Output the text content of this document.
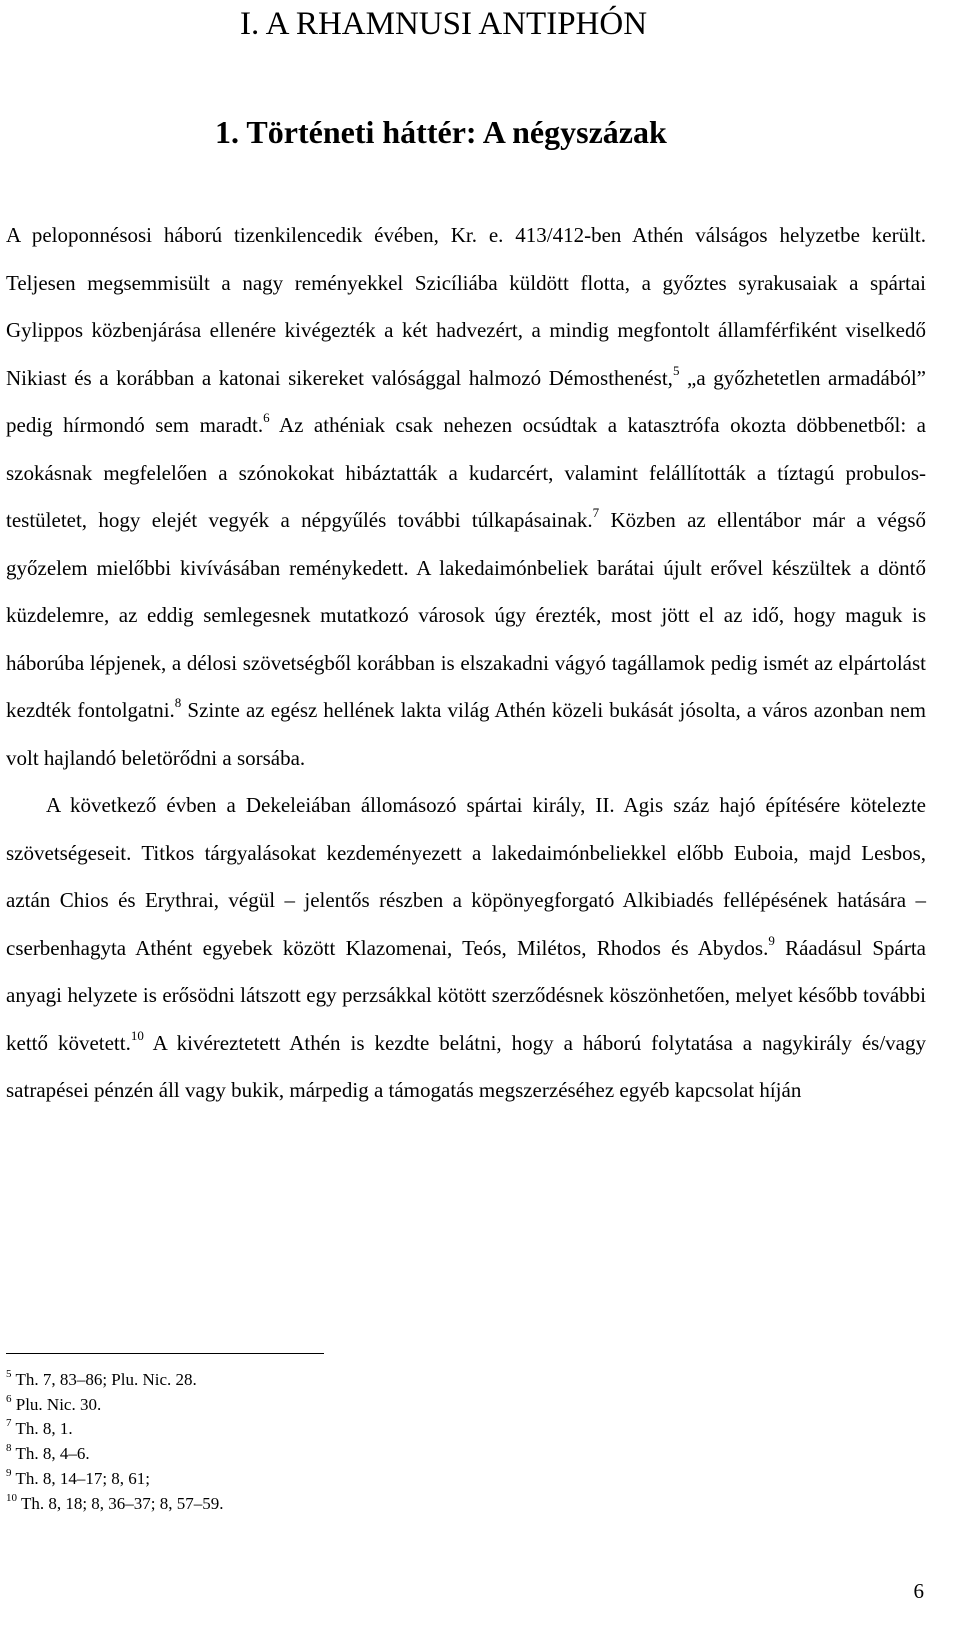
I. A RHAMNUSI ANTIPHÓN
1. Történeti háttér: A négyszázak

A peloponnésosi háború tizenkilencedik évében, Kr. e. 413/412-ben Athén válságos helyzetbe került. Teljesen megsemmisült a nagy reményekkel Szicíliába küldött flotta, a győztes syrakusaiak a spártai Gylippos közbenjárása ellenére kivégezték a két hadvezért, a mindig megfontolt államférfiként viselkedő Nikiast és a korábban a katonai sikereket valósággal halmozó Démosthenést,$^5$ „a győzhetetlen armadából” pedig hírmondó sem maradt.$^6$ Az athéniak csak nehezen ocsúdtak a katasztrófa okozta döbbenetből: a szokásnak megfelelően a szónokokat hibáztatták a kudarcért, valamint felállították a tíztagú probulos-testületet, hogy elejét vegyék a népgyűlés további túlkapásainak.$^7$ Közben az ellentábor már a végső győzelem mielőbbi kivívásában reménykedett. A lakedaimónbeliek barátai újult erővel készültek a döntő küzdelemre, az eddig semlegesnek mutatkozó városok úgy érezték, most jött el az idő, hogy maguk is háborúba lépjenek, a délosi szövetségből korábban is elszakadni vágyó tagállamok pedig ismét az elpártolást kezdték fontolgatni.$^8$ Szinte az egész hellének lakta világ Athén közeli bukását jósolta, a város azonban nem volt hajlandó beletörődni a sorsába.

A következő évben a Dekeleiában állomásozó spártai király, II. Agis száz hajó építésére kötelezte szövetségeseit. Titkos tárgyalásokat kezdeményezett a lakedaimónbeliekkel előbb Euboia, majd Lesbos, aztán Chios és Erythrai, végül – jelentős részben a köpönyegforgató Alkibiadés fellépésének hatására – cserbenhagyta Athént egyebek között Klazomenai, Teós, Milétos, Rhodos és Abydos.$^9$ Ráadásul Spárta anyagi helyzete is erősödni látszott egy perzsákkal kötött szerződésnek köszönhetően, melyet később további kettő követett.$^{10}$ A kivéreztetett Athén is kezdte belátni, hogy a háború folytatása a nagykirály és/vagy satrapései pénzén áll vagy bukik, márpedig a támogatás megszerzéséhez egyéb kapcsolat híján

$^5$ Th. 7, 83–86; Plu. Nic. 28.
$^6$ Plu. Nic. 30.
$^7$ Th. 8, 1.
$^8$ Th. 8, 4–6.
$^9$ Th. 8, 14–17; 8, 61;
$^{10}$ Th. 8, 18; 8, 36–37; 8, 57–59.
6
